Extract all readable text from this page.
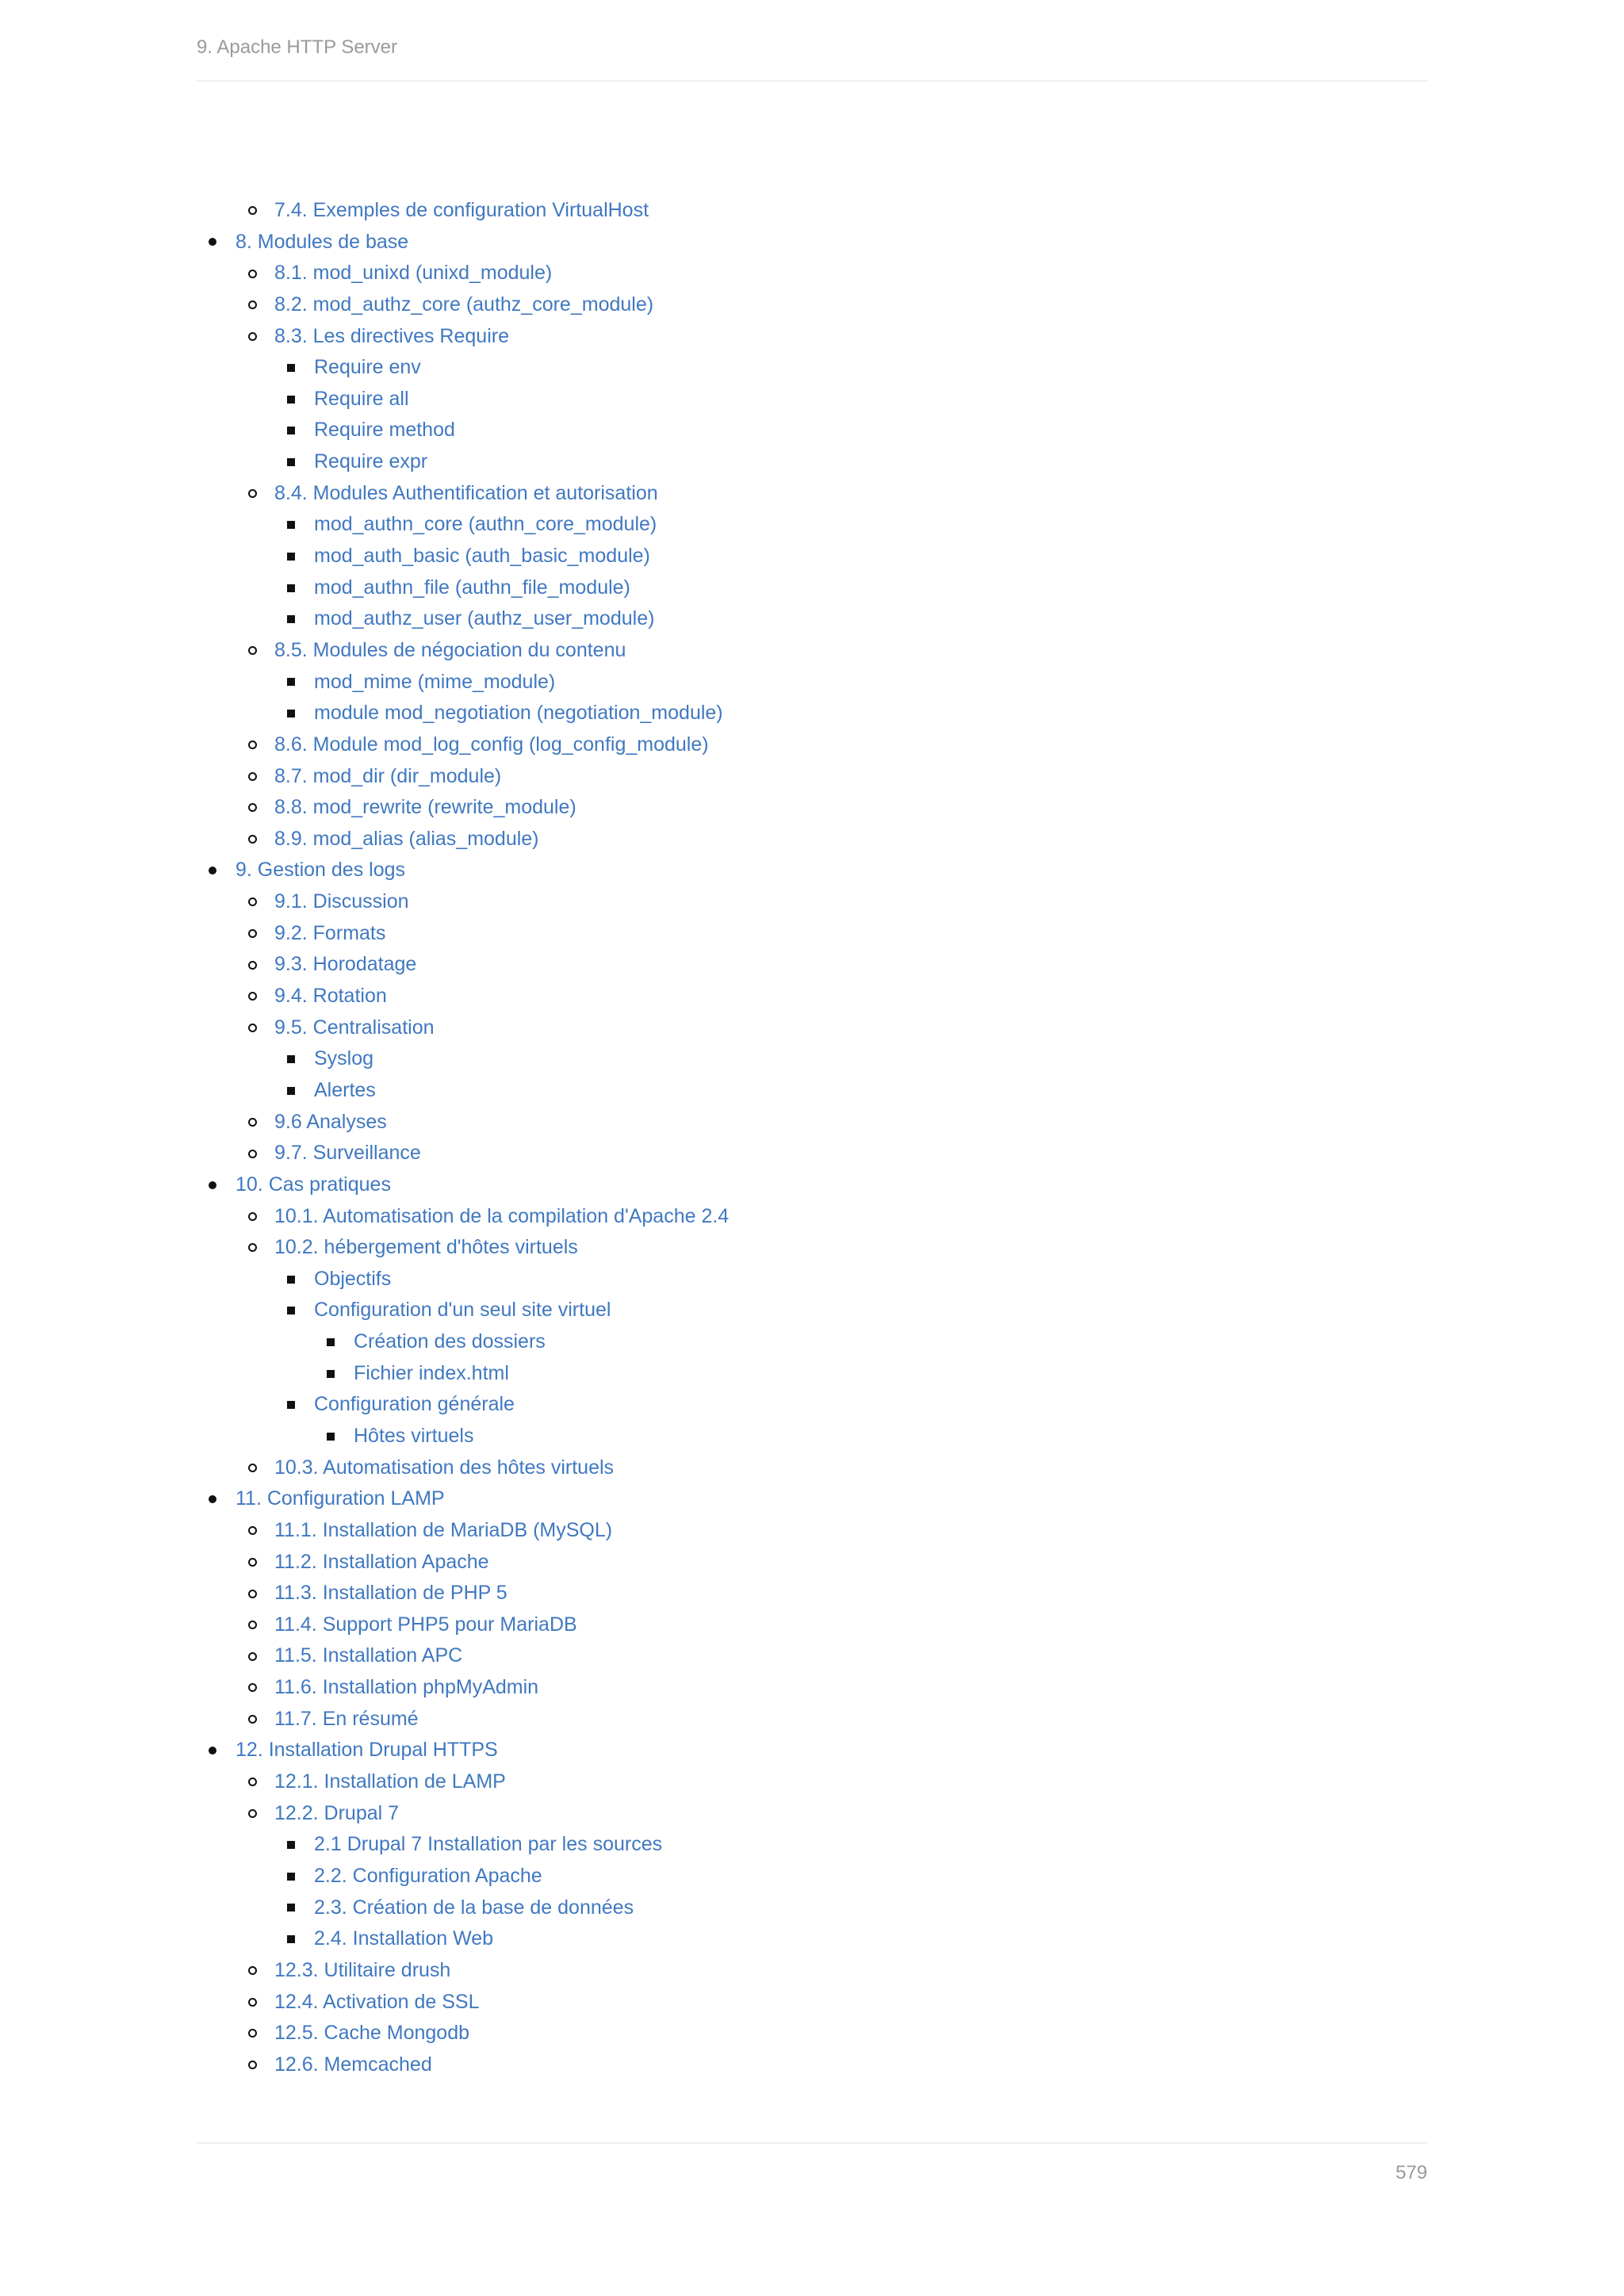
9. Apache HTTP Server
7.4. Exemples de configuration VirtualHost
8. Modules de base
8.1. mod_unixd (unixd_module)
8.2. mod_authz_core (authz_core_module)
8.3. Les directives Require
Require env
Require all
Require method
Require expr
8.4. Modules Authentification et autorisation
mod_authn_core (authn_core_module)
mod_auth_basic (auth_basic_module)
mod_authn_file (authn_file_module)
mod_authz_user (authz_user_module)
8.5. Modules de négociation du contenu
mod_mime (mime_module)
module mod_negotiation (negotiation_module)
8.6. Module mod_log_config (log_config_module)
8.7. mod_dir (dir_module)
8.8. mod_rewrite (rewrite_module)
8.9. mod_alias (alias_module)
9. Gestion des logs
9.1. Discussion
9.2. Formats
9.3. Horodatage
9.4. Rotation
9.5. Centralisation
Syslog
Alertes
9.6 Analyses
9.7. Surveillance
10. Cas pratiques
10.1. Automatisation de la compilation d'Apache 2.4
10.2. hébergement d'hôtes virtuels
Objectifs
Configuration d'un seul site virtuel
Création des dossiers
Fichier index.html
Configuration générale
Hôtes virtuels
10.3. Automatisation des hôtes virtuels
11. Configuration LAMP
11.1. Installation de MariaDB (MySQL)
11.2. Installation Apache
11.3. Installation de PHP 5
11.4. Support PHP5 pour MariaDB
11.5. Installation APC
11.6. Installation phpMyAdmin
11.7. En résumé
12. Installation Drupal HTTPS
12.1. Installation de LAMP
12.2. Drupal 7
2.1 Drupal 7 Installation par les sources
2.2. Configuration Apache
2.3. Création de la base de données
2.4. Installation Web
12.3. Utilitaire drush
12.4. Activation de SSL
12.5. Cache Mongodb
12.6. Memcached
579
